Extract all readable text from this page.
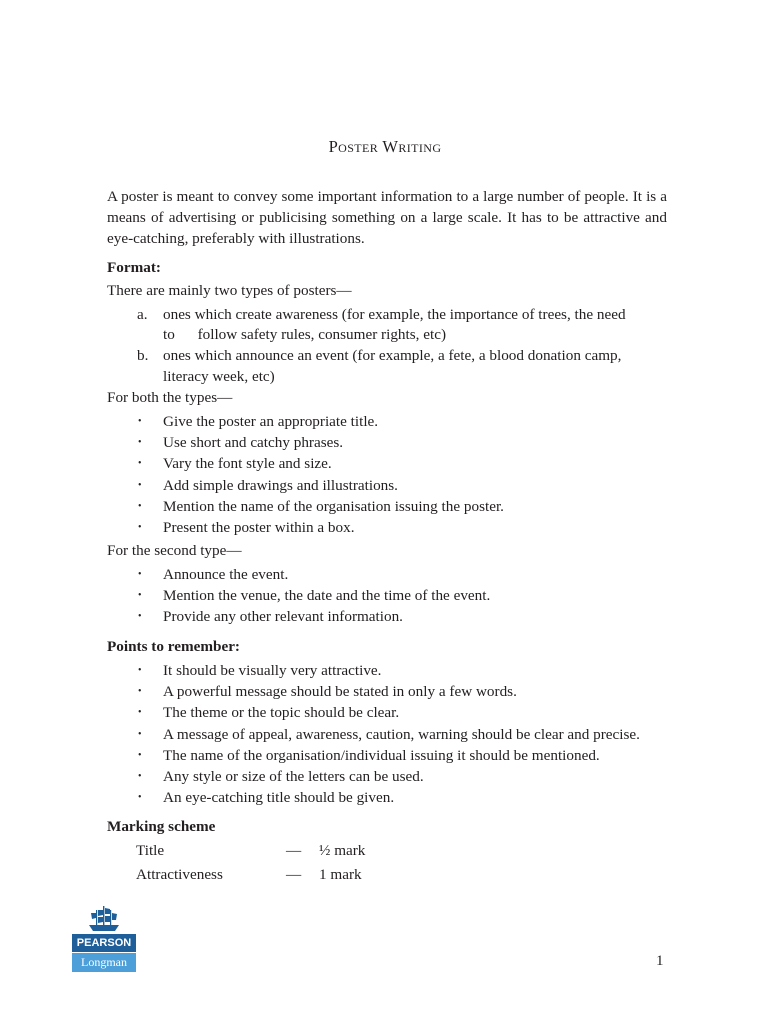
Poster Writing
A poster is meant to convey some important information to a large number of people. It is a means of advertising or publicising something on a large scale. It has to be attractive and eye-catching, preferably with illustrations.
Format:
There are mainly two types of posters—
a. ones which create awareness (for example, the importance of trees, the need
to      follow safety rules, consumer rights, etc)
b. ones which announce an event (for example, a fete, a blood donation camp,
literacy week, etc)
For both the types—
• Give the poster an appropriate title.
• Use short and catchy phrases.
• Vary the font style and size.
• Add simple drawings and illustrations.
• Mention the name of the organisation issuing the poster.
• Present the poster within a box.
For the second type—
• Announce the event.
• Mention the venue, the date and the time of the event.
• Provide any other relevant information.
Points to remember:
• It should be visually very attractive.
• A powerful message should be stated in only a few words.
• The theme or the topic should be clear.
• A message of appeal, awareness, caution, warning should be clear and precise.
• The name of the organisation/individual issuing it should be mentioned.
• Any style or size of the letters can be used.
• An eye-catching title should be given.
Marking scheme
Title	— ½ mark
Attractiveness	— 1 mark
PEARSON
Longman	1
